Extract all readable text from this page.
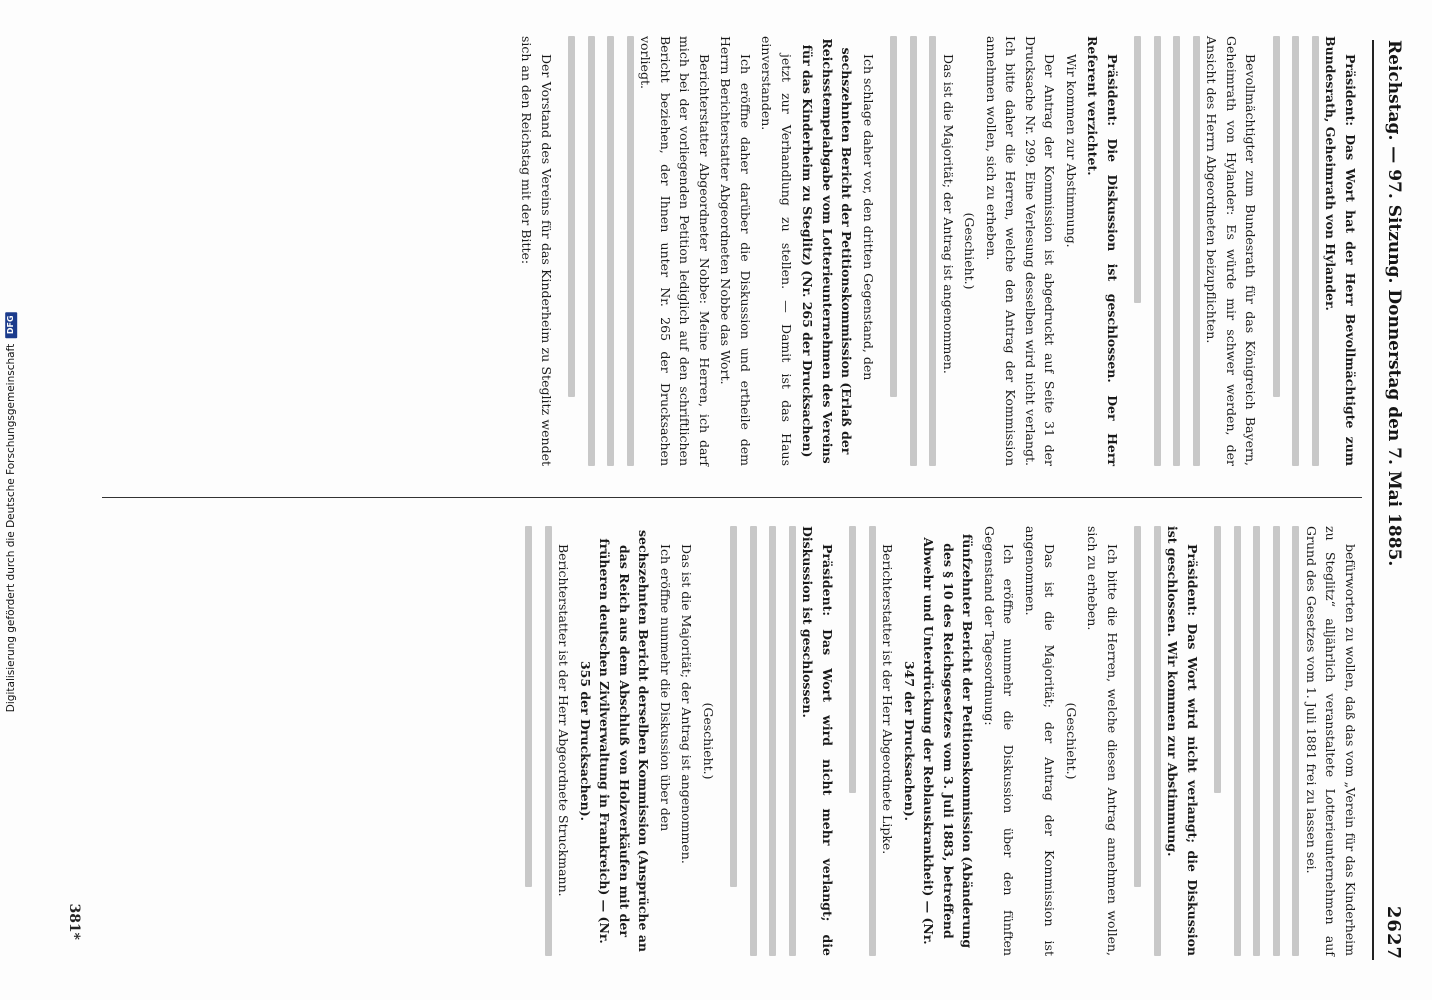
Reichstag. — 97. Sitzung. Donnerstag den 7. Mai 1885.
2627

Präsident: Das Wort hat der Herr Bevollmächtigte zum Bundesrath, Geheimrath von Hylander.

Bevollmächtigter zum Bundesrath für das Königreich Bayern, Geheimrath von Hylander: Es würde mir schwer werden, der Ansicht des Herrn Abgeordneten beizupflichten.

Präsident: Die Diskussion ist geschlossen. Der Herr Referent verzichtet.

Wir kommen zur Abstimmung.

Der Antrag der Kommission ist abgedruckt auf Seite 31 der Drucksache Nr. 299. Eine Verlesung desselben wird nicht verlangt. Ich bitte daher die Herren, welche den Antrag der Kommission annehmen wollen, sich zu erheben.

(Geschieht.)

Das ist die Majorität; der Antrag ist angenommen.

Ich schlage daher vor, den dritten Gegenstand, den

sechszehnten Bericht der Petitionskommission (Erlaß der Reichsstempelabgabe vom Lotterieunternehmen des Vereins für das Kinderheim zu Steglitz) (Nr. 265 der Drucksachen)

jetzt zur Verhandlung zu stellen. — Damit ist das Haus einverstanden.

Ich eröffne daher darüber die Diskussion und ertheile dem Herrn Berichterstatter Abgeordneten Nobbe das Wort.

Berichterstatter Abgeordneter Nobbe: Meine Herren, ich darf mich bei der vorliegenden Petition lediglich auf den schriftlichen Bericht beziehen, der Ihnen unter Nr. 265 der Drucksachen vorliegt.

Der Vorstand des Vereins für das Kinderheim zu Steglitz wendet sich an den Reichstag mit der Bitte:

befürworten zu wollen, daß das vom „Verein für das Kinderheim zu Steglitz“ alljährlich veranstaltete Lotterieunternehmen auf Grund des Gesetzes vom 1. Juli 1881 frei zu lassen sei.

Präsident: Das Wort wird nicht verlangt; die Diskussion ist geschlossen. Wir kommen zur Abstimmung.

Ich bitte die Herren, welche diesen Antrag annehmen wollen, sich zu erheben.

(Geschieht.)

Das ist die Majorität; der Antrag der Kommission ist angenommen.

Ich eröffne nunmehr die Diskussion über den fünften Gegenstand der Tagesordnung:

fünfzehnter Bericht der Petitionskommission (Abänderung des § 10 des Reichsgesetzes vom 3. Juli 1883, betreffend Abwehr und Unterdrückung der Reblauskrankheit) — (Nr. 347 der Drucksachen).

Berichterstatter ist der Herr Abgeordnete Lipke.

Präsident: Das Wort wird nicht mehr verlangt; die Diskussion ist geschlossen.

(Geschieht.)

Das ist die Majorität; der Antrag ist angenommen.

Ich eröffne nunmehr die Diskussion über den

sechszehnten Bericht derselben Kommission (Ansprüche an das Reich aus dem Abschluß von Holzverkäufen mit der früheren deutschen Zivilverwaltung in Frankreich) — (Nr. 355 der Drucksachen).

Berichterstatter ist der Herr Abgeordnete Struckmann.

381*
Digitalisierung gefördert durch die Deutsche Forschungsgemeinschaft
DFG
